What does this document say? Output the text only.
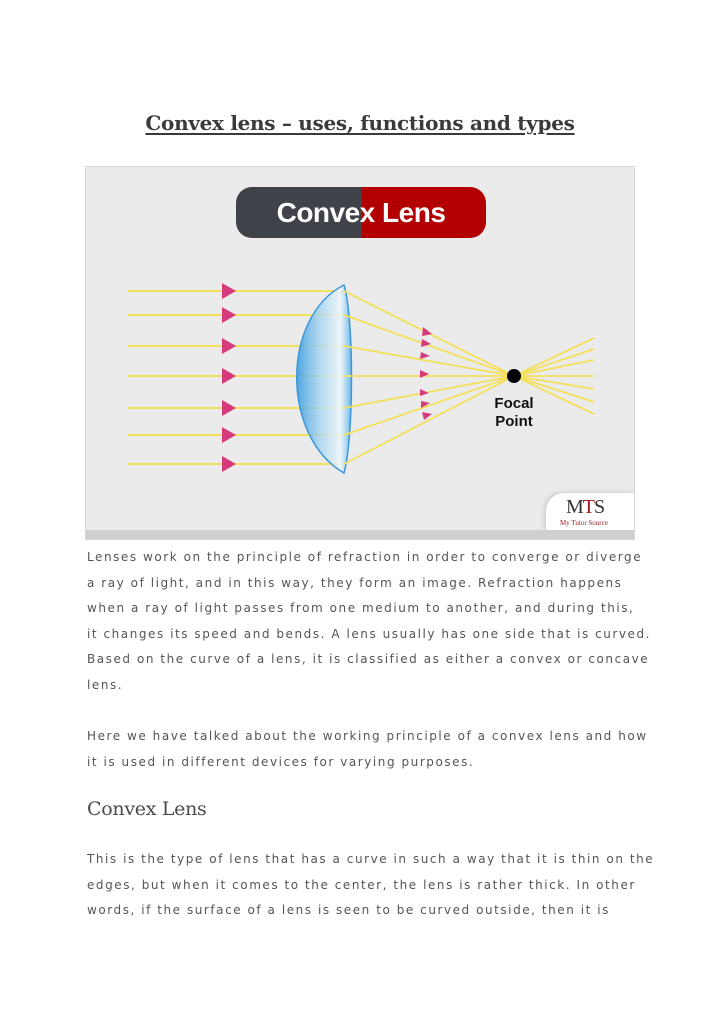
Convex lens – uses, functions and types
Convex Lens
Focal
Point
MTS
My Tutor Source

Lenses work on the principle of refraction in order to converge or diverge
a ray of light, and in this way, they form an image. Refraction happens
when a ray of light passes from one medium to another, and during this,
it changes its speed and bends. A lens usually has one side that is curved.
Based on the curve of a lens, it is classified as either a convex or concave
lens.

Here we have talked about the working principle of a convex lens and how
it is used in different devices for varying purposes.

Convex Lens

This is the type of lens that has a curve in such a way that it is thin on the
edges, but when it comes to the center, the lens is rather thick. In other
words, if the surface of a lens is seen to be curved outside, then it is
